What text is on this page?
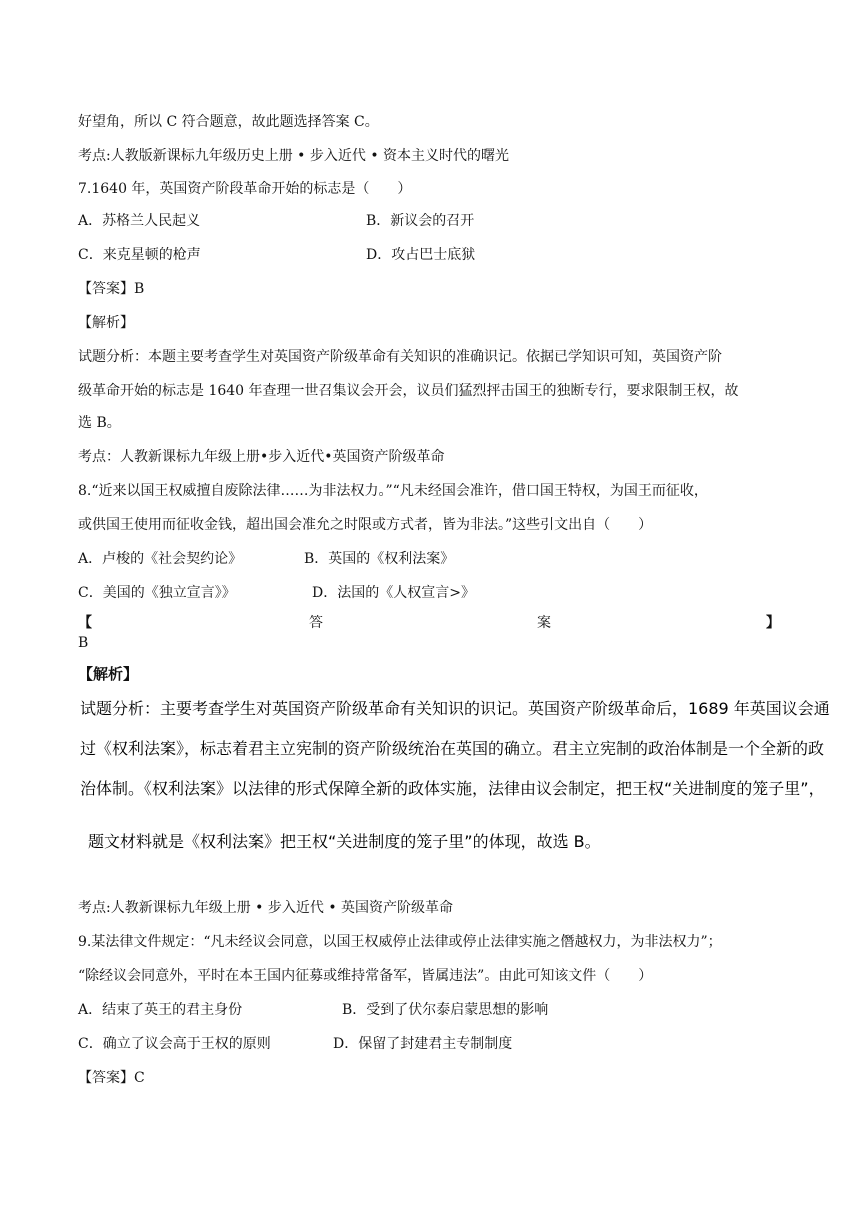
好望角，所以 C 符合题意，故此题选择答案 C。
考点:人教版新课标九年级历史上册 • 步入近代 • 资本主义时代的曙光
7.1640 年，英国资产阶段革命开始的标志是（　　）
A．苏格兰人民起义	B．新议会的召开
C．来克星顿的枪声	D．攻占巴士底狱
【答案】B
【解析】
试题分析：本题主要考查学生对英国资产阶级革命有关知识的准确识记。依据已学知识可知，英国资产阶
级革命开始的标志是 1640 年查理一世召集议会开会，议员们猛烈抨击国王的独断专行，要求限制王权，故
选 B。
考点：人教新课标九年级上册•步入近代•英国资产阶级革命
8.“近来以国王权威擅自废除法律……为非法权力。”“凡未经国会准许，借口国王特权，为国王而征收，
或供国王使用而征收金钱，超出国会准允之时限或方式者，皆为非法。”这些引文出自（　　）
A．卢梭的《社会契约论》	B．英国的《权利法案》
C．美国的《独立宣言》》	D．法国的《人权宣言>》
【	答	案	】
B
【解析】
试题分析：主要考查学生对英国资产阶级革命有关知识的识记。英国资产阶级革命后，1689 年英国议会通
过《权利法案》，标志着君主立宪制的资产阶级统治在英国的确立。君主立宪制的政治体制是一个全新的政
治体制。《权利法案》以法律的形式保障全新的政体实施，法律由议会制定，把王权“关进制度的笼子里”，
题文材料就是《权利法案》把王权“关进制度的笼子里”的体现，故选 B。
考点:人教新课标九年级上册 • 步入近代 • 英国资产阶级革命
9.某法律文件规定：“凡未经议会同意，以国王权威停止法律或停止法律实施之僭越权力，为非法权力”；
“除经议会同意外，平时在本王国内征募或维持常备军，皆属违法”。由此可知该文件（　　）
A．结束了英王的君主身份	B．受到了伏尔泰启蒙思想的影响
C．确立了议会高于王权的原则	D．保留了封建君主专制制度
【答案】C
